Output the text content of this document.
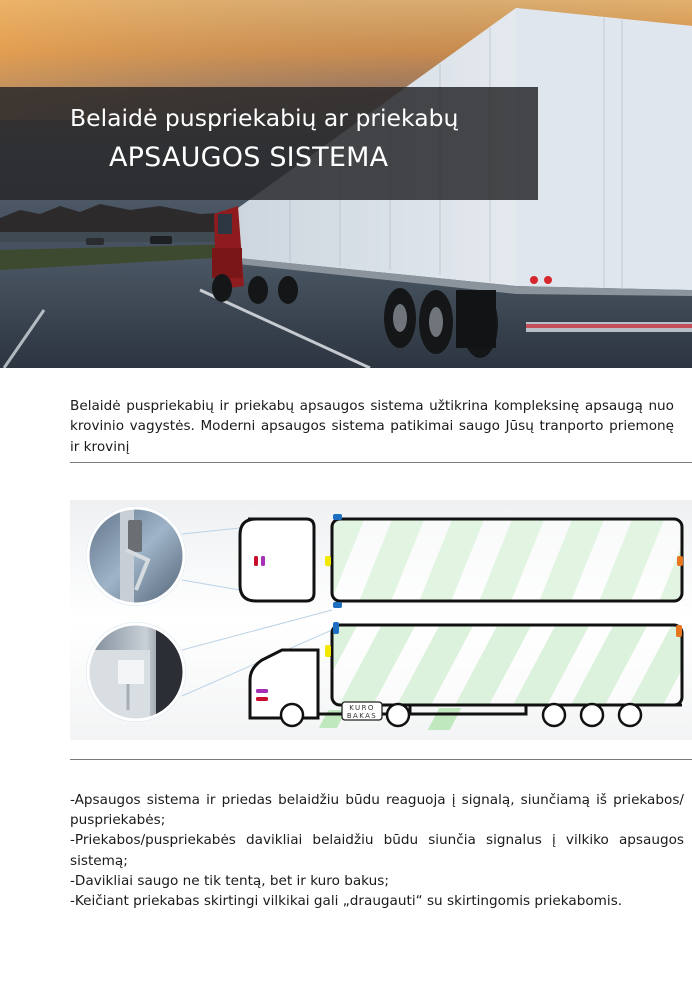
Belaidė puspriekabių ar priekabų
APSAUGOS SISTEMA

Belaidė puspriekabių ir priekabų apsaugos sistema užtikrina kompleksinę apsaugą nuo krovinio vagystės. Moderni apsaugos sistema patikimai saugo Jūsų tranporto priemonę ir krovinį

KURO
BAKAS

-Apsaugos sistema ir priedas belaidžiu būdu reaguoja į signalą, siunčiamą iš priekabos/ puspriekabės;

-Priekabos/puspriekabės davikliai belaidžiu būdu siunčia signalus į vilkiko apsaugos sistemą;

-Davikliai saugo ne tik tentą, bet ir kuro bakus;

-Keičiant priekabas skirtingi vilkikai gali „draugauti“ su skirtingomis priekabomis.
